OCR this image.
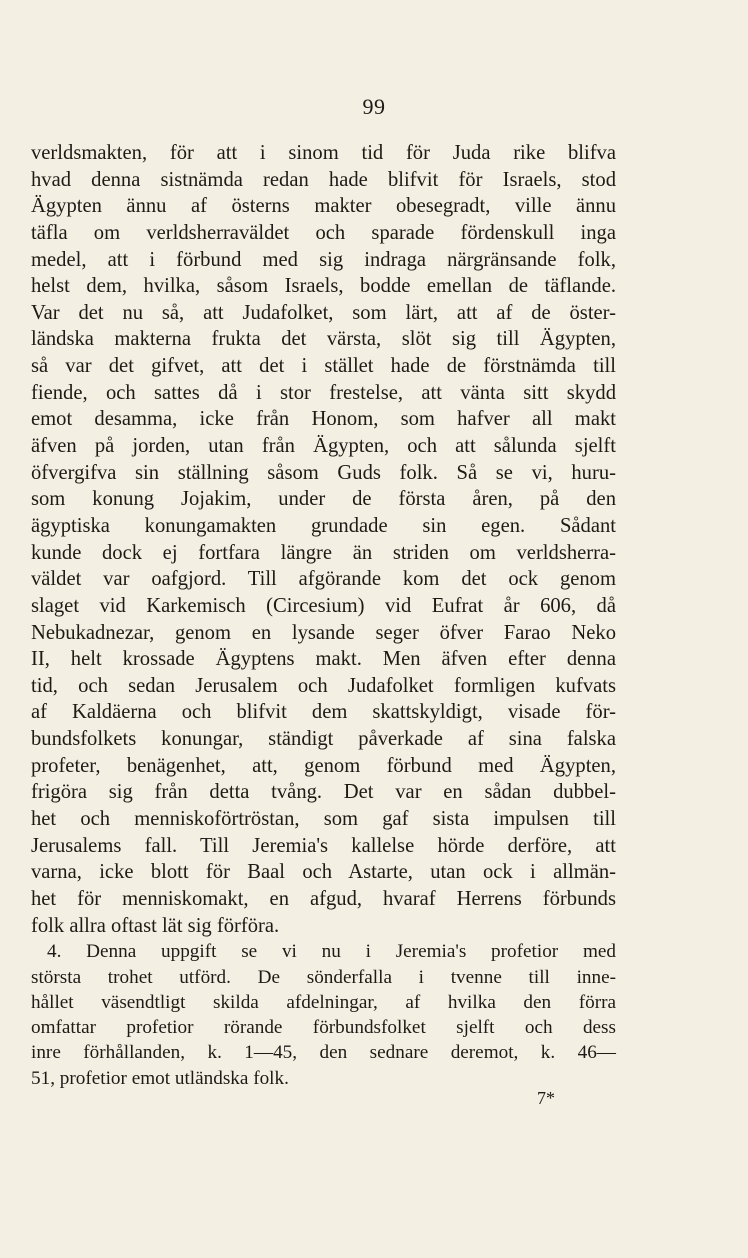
99
verldsmakten, för att i sinom tid för Juda rike blifva
hvad denna sistnämda redan hade blifvit för Israels, stod
Ägypten ännu af österns makter obesegradt, ville ännu
täfla om verldsherraväldet och sparade fördenskull inga
medel, att i förbund med sig indraga närgränsande folk,
helst dem, hvilka, såsom Israels, bodde emellan de täflande.
Var det nu så, att Judafolket, som lärt, att af de öster-
ländska makterna frukta det värsta, slöt sig till Ägypten,
så var det gifvet, att det i stället hade de förstnämda till
fiende, och sattes då i stor frestelse, att vänta sitt skydd
emot desamma, icke från Honom, som hafver all makt
äfven på jorden, utan från Ägypten, och att sålunda sjelft
öfvergifva sin ställning såsom Guds folk. Så se vi, huru-
som konung Jojakim, under de första åren, på den
ägyptiska konungamakten grundade sin egen. Sådant
kunde dock ej fortfara längre än striden om verldsherra-
väldet var oafgjord. Till afgörande kom det ock genom
slaget vid Karkemisch (Circesium) vid Eufrat år 606, då
Nebukadnezar, genom en lysande seger öfver Farao Neko
II, helt krossade Ägyptens makt. Men äfven efter denna
tid, och sedan Jerusalem och Judafolket formligen kufvats
af Kaldäerna och blifvit dem skattskyldigt, visade för-
bundsfolkets konungar, ständigt påverkade af sina falska
profeter, benägenhet, att, genom förbund med Ägypten,
frigöra sig från detta tvång. Det var en sådan dubbel-
het och menniskoförtröstan, som gaf sista impulsen till
Jerusalems fall. Till Jeremia's kallelse hörde derföre, att
varna, icke blott för Baal och Astarte, utan ock i allmän-
het för menniskomakt, en afgud, hvaraf Herrens förbunds
folk allra oftast lät sig förföra.
4. Denna uppgift se vi nu i Jeremia's profetior med
största trohet utförd. De sönderfalla i tvenne till inne-
hållet väsendtligt skilda afdelningar, af hvilka den förra
omfattar profetior rörande förbundsfolket sjelft och dess
inre förhållanden, k. 1—45, den sednare deremot, k. 46—
51, profetior emot utländska folk.
7*
